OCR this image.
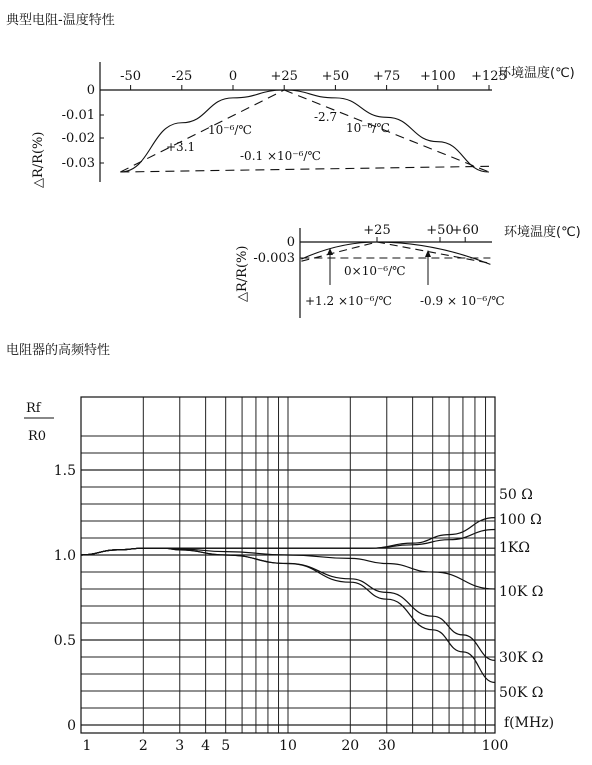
典型电阻-温度特性
电阻器的高频特性
-50 -25	0	+25 +50 +75 +100 +125
0
-0.01
-0.02
-0.03
环境温度(℃)
△R/R(%)	+3.1
10⁻⁶/℃
-2.7
10⁻⁶/℃
-0.1 ×10⁻⁶/℃
+25	+50
+60
0
-0.003
环境温度(℃)
△R/R(%)	0×10⁻⁶/℃
+1.2 ×10⁻⁶/℃ -0.9 × 10⁻⁶/℃
1	2 3 4 5	10	20 30	100
0
0.5
1.0
1.5
50 Ω
100 Ω
1KΩ
10K Ω
30K Ω
50K Ω
Rf
R0
f(MHz)
